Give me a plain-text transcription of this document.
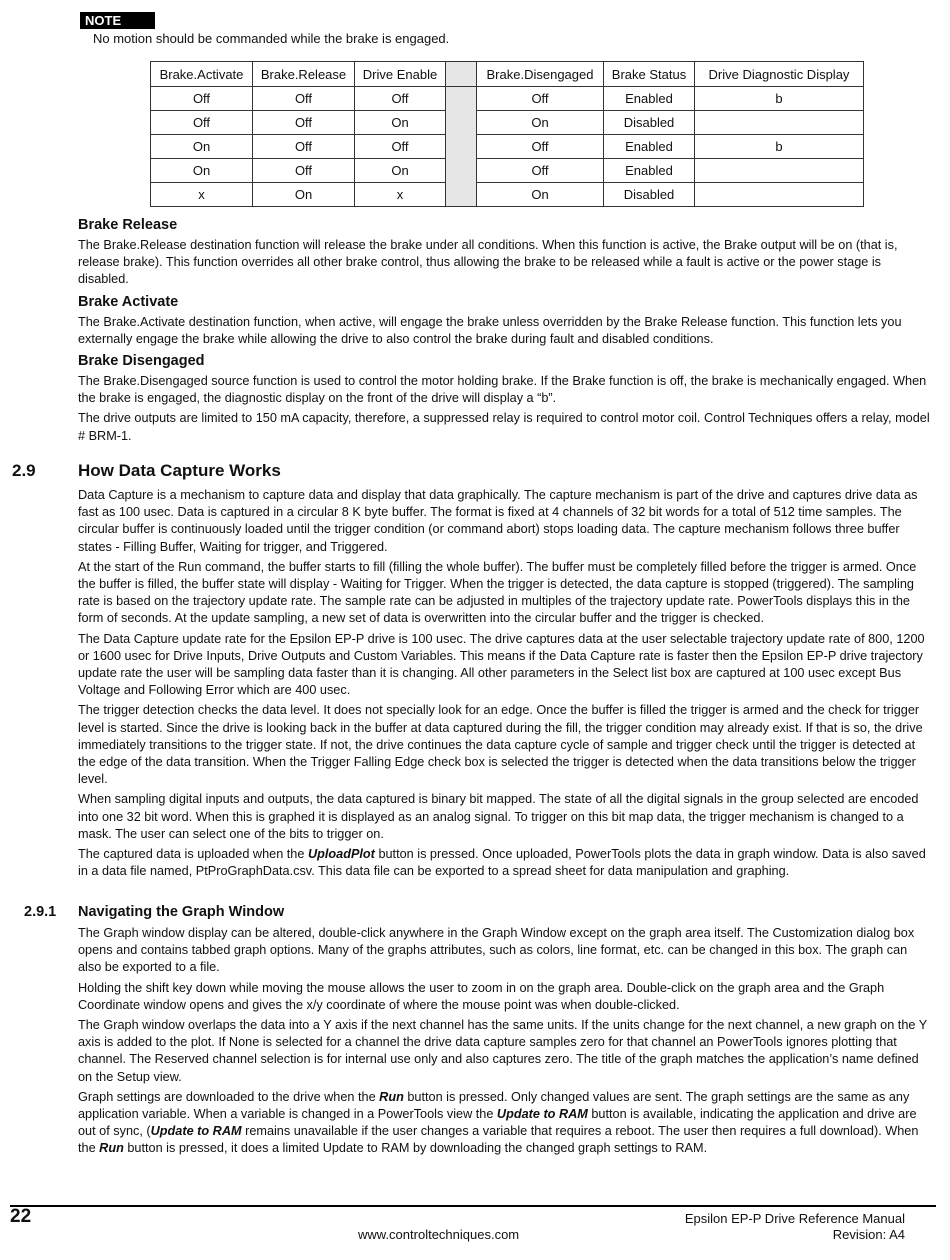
NOTE
No motion should be commanded while the brake is engaged.
Brake.Activate	Brake.Release	Drive Enable		Brake.Disengaged	Brake Status	Drive Diagnostic Display
Off	Off	Off		Off	Enabled	b
Off	Off	On		On	Disabled	
On	Off	Off		Off	Enabled	b
On	Off	On		Off	Enabled	
x	On	x		On	Disabled	
Brake Release

The Brake.Release destination function will release the brake under all conditions. When this function is active, the Brake output will be on (that is, release brake). This function overrides all other brake control, thus allowing the brake to be released while a fault is active or the power stage is disabled.

Brake Activate

The Brake.Activate destination function, when active, will engage the brake unless overridden by the Brake Release function. This function lets you externally engage the brake while allowing the drive to also control the brake during fault and disabled conditions.

Brake Disengaged

The Brake.Disengaged source function is used to control the motor holding brake. If the Brake function is off, the brake is mechanically engaged. When the brake is engaged, the diagnostic display on the front of the drive will display a “b”.

The drive outputs are limited to 150 mA capacity, therefore, a suppressed relay is required to control motor coil. Control Techniques offers a relay, model # BRM-1.

2.9 How Data Capture Works

Data Capture is a mechanism to capture data and display that data graphically. The capture mechanism is part of the drive and captures drive data as fast as 100 usec. Data is captured in a circular 8 K byte buffer. The format is fixed at 4 channels of 32 bit words for a total of 512 time samples. The circular buffer is continuously loaded until the trigger condition (or command abort) stops loading data. The capture mechanism follows three buffer states - Filling Buffer, Waiting for trigger, and Triggered.

At the start of the Run command, the buffer starts to fill (filling the whole buffer). The buffer must be completely filled before the trigger is armed. Once the buffer is filled, the buffer state will display - Waiting for Trigger. When the trigger is detected, the data capture is stopped (triggered). The sampling rate is based on the trajectory update rate. The sample rate can be adjusted in multiples of the trajectory update rate. PowerTools displays this in the form of seconds. At the update sampling, a new set of data is overwritten into the circular buffer and the trigger is checked.

The Data Capture update rate for the Epsilon EP-P drive is 100 usec. The drive captures data at the user selectable trajectory update rate of 800, 1200 or 1600 usec for Drive Inputs, Drive Outputs and Custom Variables. This means if the Data Capture rate is faster then the Epsilon EP-P drive trajectory update rate the user will be sampling data faster than it is changing. All other parameters in the Select list box are captured at 100 usec except Bus Voltage and Following Error which are 400 usec.

The trigger detection checks the data level. It does not specially look for an edge. Once the buffer is filled the trigger is armed and the check for trigger level is started. Since the drive is looking back in the buffer at data captured during the fill, the trigger condition may already exist. If that is so, the drive immediately transitions to the trigger state. If not, the drive continues the data capture cycle of sample and trigger check until the trigger is detected at the edge of the data transition. When the Trigger Falling Edge check box is selected the trigger is detected when the data transitions below the trigger level.

When sampling digital inputs and outputs, the data captured is binary bit mapped. The state of all the digital signals in the group selected are encoded into one 32 bit word. When this is graphed it is displayed as an analog signal. To trigger on this bit map data, the trigger mechanism is changed to a mask. The user can select one of the bits to trigger on.

The captured data is uploaded when the UploadPlot button is pressed. Once uploaded, PowerTools plots the data in graph window. Data is also saved in a data file named, PtProGraphData.csv. This data file can be exported to a spread sheet for data manipulation and graphing.

2.9.1 Navigating the Graph Window

The Graph window display can be altered, double-click anywhere in the Graph Window except on the graph area itself. The Customization dialog box opens and contains tabbed graph options. Many of the graphs attributes, such as colors, line format, etc. can be changed in this box. The graph can also be exported to a file.

Holding the shift key down while moving the mouse allows the user to zoom in on the graph area. Double-click on the graph area and the Graph Coordinate window opens and gives the x/y coordinate of where the mouse point was when double-clicked.

The Graph window overlaps the data into a Y axis if the next channel has the same units. If the units change for the next channel, a new graph on the Y axis is added to the plot. If None is selected for a channel the drive data capture samples zero for that channel an PowerTools ignores plotting that channel. The Reserved channel selection is for internal use only and also captures zero. The title of the graph matches the application’s name defined on the Setup view.

Graph settings are downloaded to the drive when the Run button is pressed. Only changed values are sent. The graph settings are the same as any application variable. When a variable is changed in a PowerTools view the Update to RAM button is available, indicating the application and drive are out of sync, (Update to RAM remains unavailable if the user changes a variable that requires a reboot. The user then requires a full download). When the Run button is pressed, it does a limited Update to RAM by downloading the changed graph settings to RAM.

22	Epsilon EP-P Drive Reference Manual
Revision: A4
www.controltechniques.com
